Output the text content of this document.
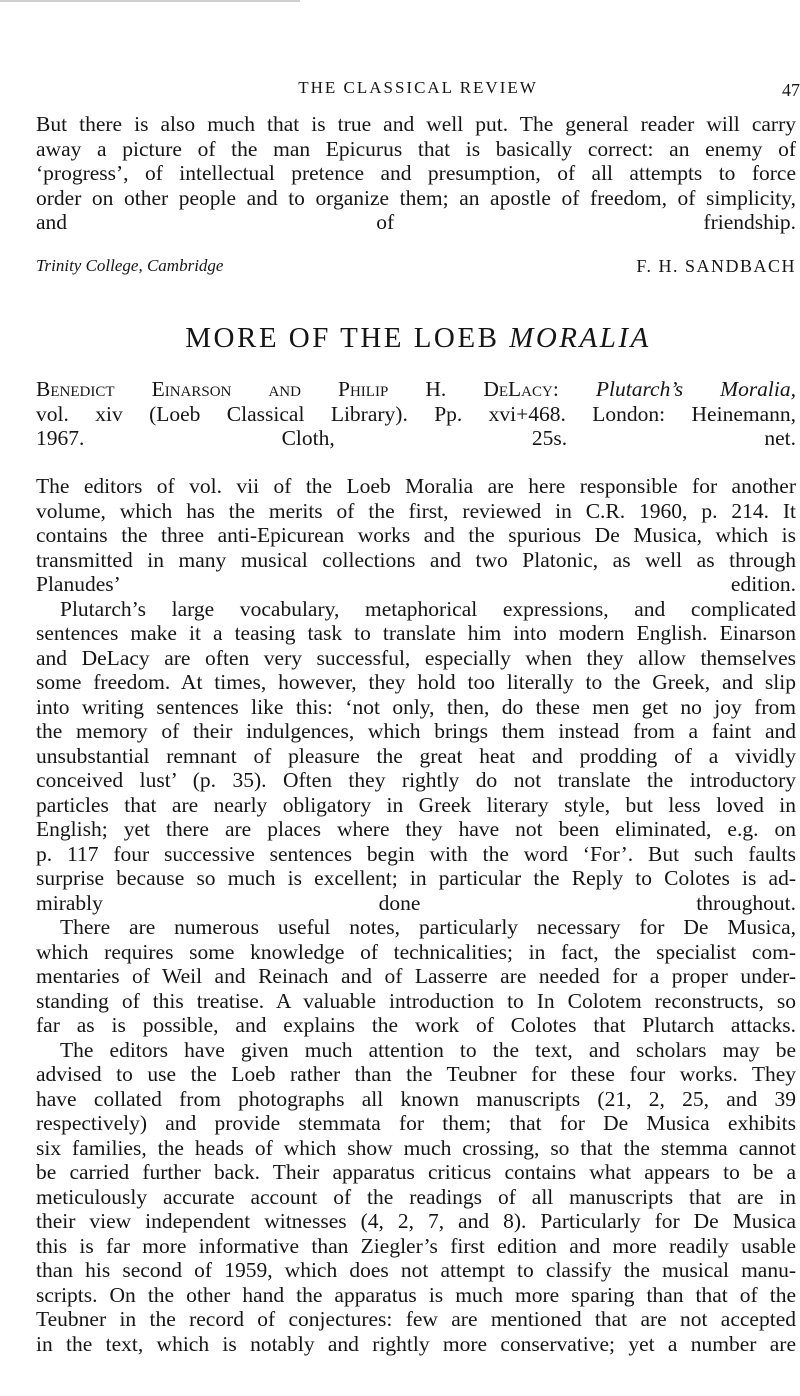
THE CLASSICAL REVIEW	47

But there is also much that is true and well put. The general reader will carry

away a picture of the man Epicurus that is basically correct: an enemy of

‘progress’, of intellectual pretence and presumption, of all attempts to force

order on other people and to organize them; an apostle of freedom, of simplicity,

and of friendship.

Trinity College, Cambridge	F. H. SANDBACH
MORE OF THE LOEB MORALIA

Benedict Einarson and Philip H. DeLacy: Plutarch’s Moralia,

vol. xiv (Loeb Classical Library). Pp. xvi+468. London: Heinemann,

1967. Cloth, 25s. net.

The editors of vol. vii of the Loeb Moralia are here responsible for another

volume, which has the merits of the first, reviewed in C.R. 1960, p. 214. It

contains the three anti-Epicurean works and the spurious De Musica, which is

transmitted in many musical collections and two Platonic, as well as through

Planudes’ edition.

Plutarch’s large vocabulary, metaphorical expressions, and complicated

sentences make it a teasing task to translate him into modern English. Einarson

and DeLacy are often very successful, especially when they allow themselves

some freedom. At times, however, they hold too literally to the Greek, and slip

into writing sentences like this: ‘not only, then, do these men get no joy from

the memory of their indulgences, which brings them instead from a faint and

unsubstantial remnant of pleasure the great heat and prodding of a vividly

conceived lust’ (p. 35). Often they rightly do not translate the introductory

particles that are nearly obligatory in Greek literary style, but less loved in

English; yet there are places where they have not been eliminated, e.g. on

p. 117 four successive sentences begin with the word ‘For’. But such faults

surprise because so much is excellent; in particular the Reply to Colotes is ad-

mirably done throughout.

There are numerous useful notes, particularly necessary for De Musica,

which requires some knowledge of technicalities; in fact, the specialist com-

mentaries of Weil and Reinach and of Lasserre are needed for a proper under-

standing of this treatise. A valuable introduction to In Colotem reconstructs, so

far as is possible, and explains the work of Colotes that Plutarch attacks.

The editors have given much attention to the text, and scholars may be

advised to use the Loeb rather than the Teubner for these four works. They

have collated from photographs all known manuscripts (21, 2, 25, and 39

respectively) and provide stemmata for them; that for De Musica exhibits

six families, the heads of which show much crossing, so that the stemma cannot

be carried further back. Their apparatus criticus contains what appears to be a

meticulously accurate account of the readings of all manuscripts that are in

their view independent witnesses (4, 2, 7, and 8). Particularly for De Musica

this is far more informative than Ziegler’s first edition and more readily usable

than his second of 1959, which does not attempt to classify the musical manu-

scripts. On the other hand the apparatus is much more sparing than that of the

Teubner in the record of conjectures: few are mentioned that are not accepted

in the text, which is notably and rightly more conservative; yet a number are
